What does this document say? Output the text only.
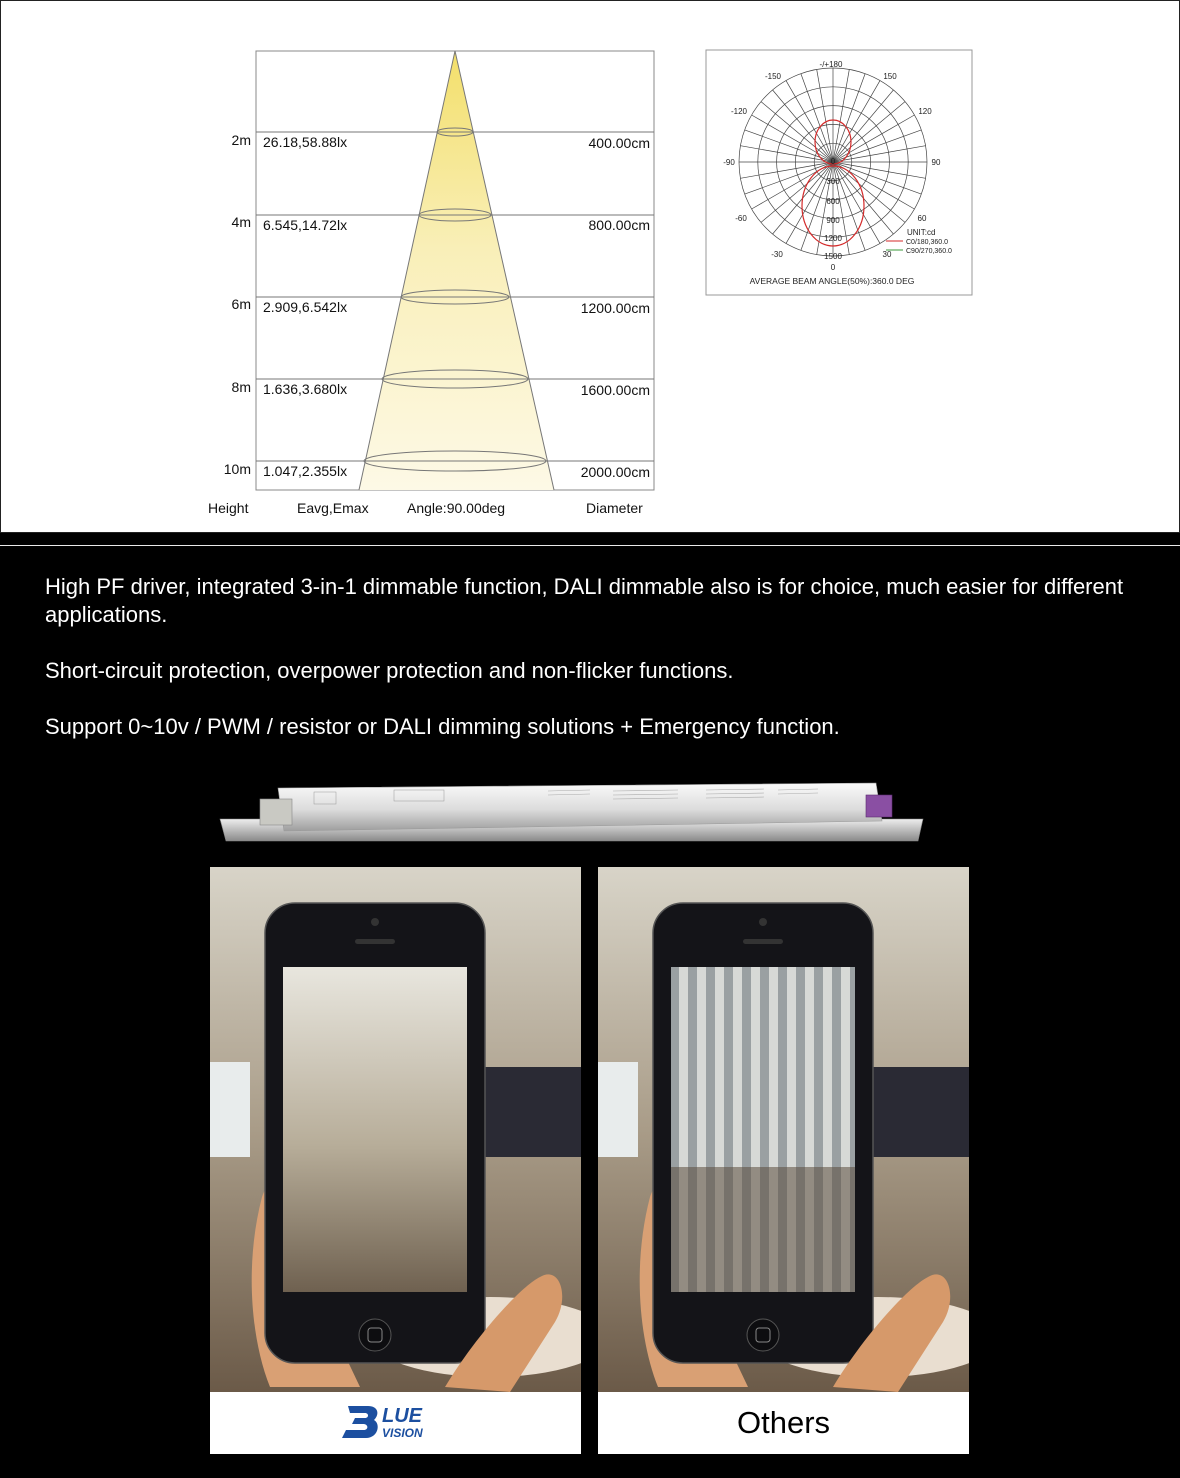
2m 26.18,58.88lx	400.00cm
4m 6.545,14.72lx	800.00cm
6m 2.909,6.542lx	1200.00cm
8m 1.636,3.680lx	1600.00cm
10m 1.047,2.355lx	2000.00cm
Height	Eavg,Emax	Angle:90.00deg	Diameter
-/+180
-150	150
-120	120
-90	90
-60	60
-30	30
0
0
300
600
900
1200
1500
UNIT:cd
C0/180,360.0
C90/270,360.0
AVERAGE BEAM ANGLE(50%):360.0 DEG

High PF driver, integrated 3-in-1 dimmable function, DALI dimmable also is for choice, much easier for different applications.

Short-circuit protection, overpower protection and non-flicker functions.

Support 0~10v / PWM / resistor or DALI dimming solutions + Emergency function.

LUE
VISION	Others
